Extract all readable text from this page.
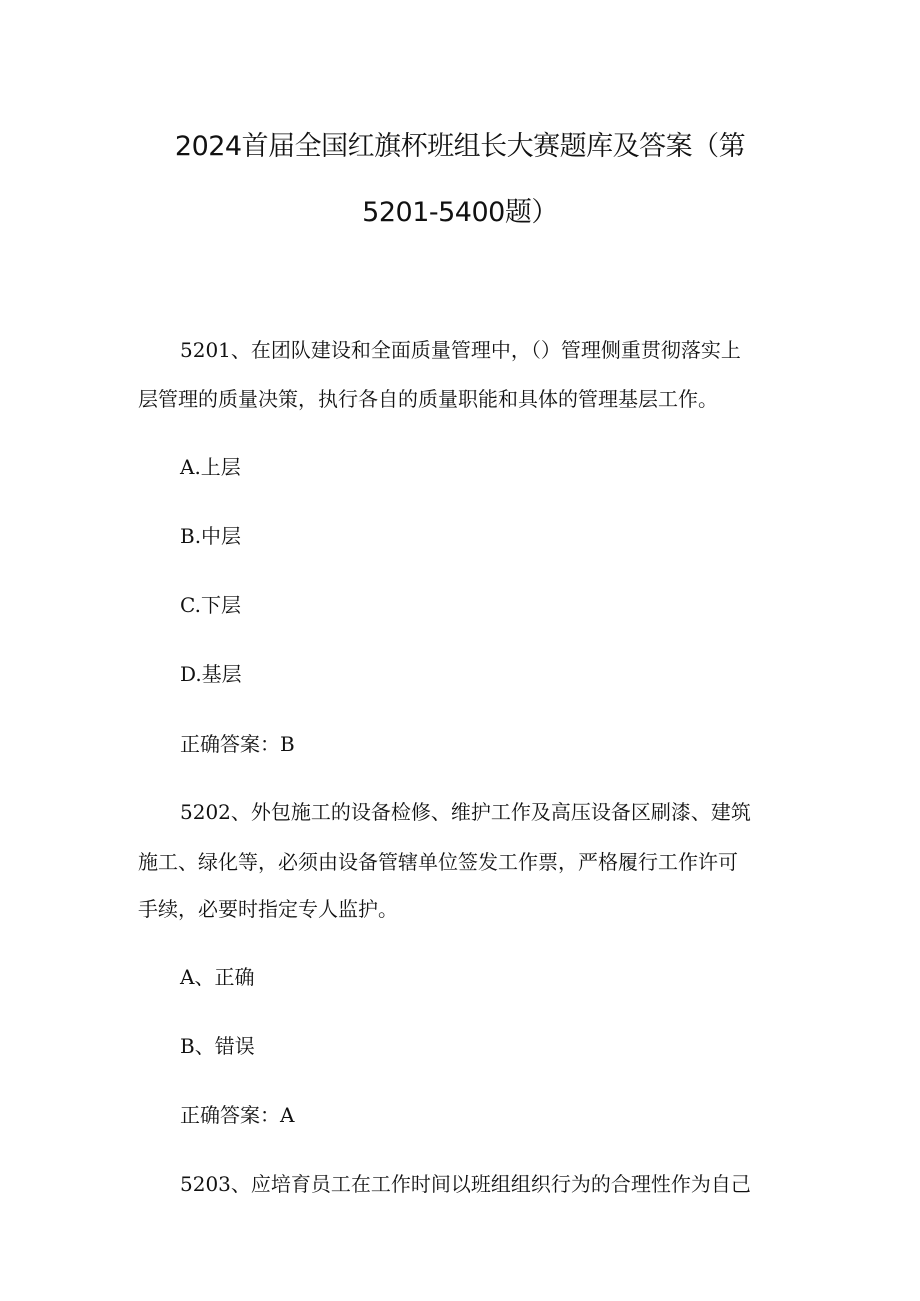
2024首届全国红旗杯班组长大赛题库及答案（第
5201-5400题）

5201、在团队建设和全面质量管理中，（）管理侧重贯彻落实上

层管理的质量决策，执行各自的质量职能和具体的管理基层工作。

A.上层

B.中层

C.下层

D.基层

正确答案：B

5202、外包施工的设备检修、维护工作及高压设备区刷漆、建筑

施工、绿化等，必须由设备管辖单位签发工作票，严格履行工作许可

手续，必要时指定专人监护。

A、正确

B、错误

正确答案：A

5203、应培育员工在工作时间以班组组织行为的合理性作为自己
